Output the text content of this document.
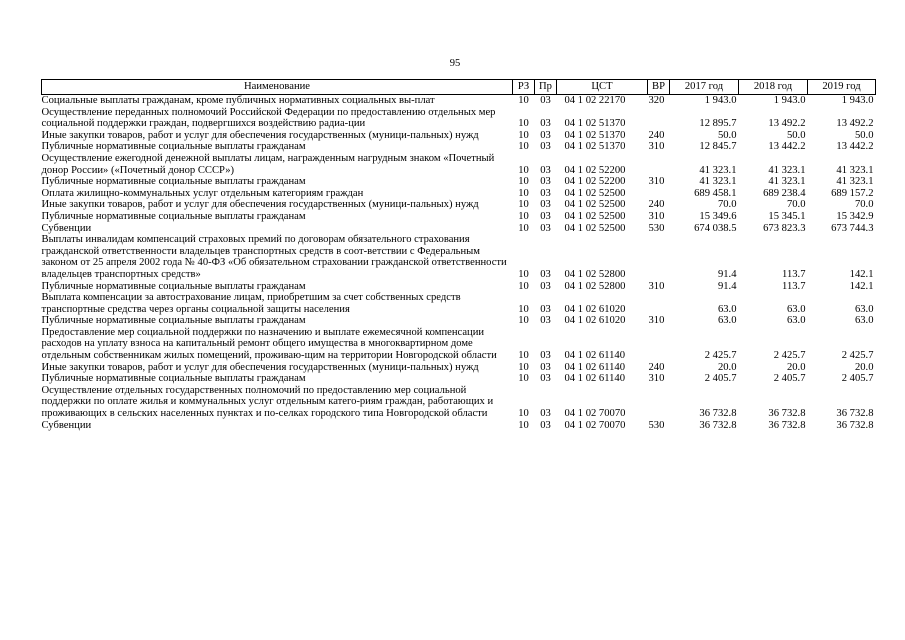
95
Наименование	РЗ	Пр	ЦСТ	ВР	2017 год	2018 год	2019 год
Социальные выплаты гражданам, кроме публичных нормативных социальных вы-плат	10	03	04 1 02 22170	320	1 943.0	1 943.0	1 943.0
Осуществление переданных полномочий Российской Федерации по предоставлению отдельных мер социальной поддержки граждан, подвергшихся воздействию радиа-ции	10	03	04 1 02 51370		12 895.7	13 492.2	13 492.2
Иные закупки товаров, работ и услуг для обеспечения государственных (муници-пальных) нужд	10	03	04 1 02 51370	240	50.0	50.0	50.0
Публичные нормативные социальные выплаты гражданам	10	03	04 1 02 51370	310	12 845.7	13 442.2	13 442.2
Осуществление ежегодной денежной выплаты лицам, награжденным нагрудным знаком «Почетный донор России» («Почетный донор СССР»)	10	03	04 1 02 52200		41 323.1	41 323.1	41 323.1
Публичные нормативные социальные выплаты гражданам	10	03	04 1 02 52200	310	41 323.1	41 323.1	41 323.1
Оплата жилищно-коммунальных услуг отдельным категориям граждан	10	03	04 1 02 52500		689 458.1	689 238.4	689 157.2
Иные закупки товаров, работ и услуг для обеспечения государственных (муници-пальных) нужд	10	03	04 1 02 52500	240	70.0	70.0	70.0
Публичные нормативные социальные выплаты гражданам	10	03	04 1 02 52500	310	15 349.6	15 345.1	15 342.9
Субвенции	10	03	04 1 02 52500	530	674 038.5	673 823.3	673 744.3
Выплаты инвалидам компенсаций страховых премий по договорам обязательного страхования гражданской ответственности владельцев транспортных средств в соот-ветствии с Федеральным законом от 25 апреля 2002 года № 40-ФЗ «Об обязательном страховании гражданской ответственности владельцев транспортных средств»	10	03	04 1 02 52800		91.4	113.7	142.1
Публичные нормативные социальные выплаты гражданам	10	03	04 1 02 52800	310	91.4	113.7	142.1
Выплата компенсации за автострахование лицам, приобретшим за счет собственных средств транспортные средства через органы социальной защиты населения	10	03	04 1 02 61020		63.0	63.0	63.0
Публичные нормативные социальные выплаты гражданам	10	03	04 1 02 61020	310	63.0	63.0	63.0
Предоставление мер социальной поддержки по назначению и выплате ежемесячной компенсации расходов на уплату взноса на капитальный ремонт общего имущества в многоквартирном доме отдельным собственникам жилых помещений, проживаю-щим на территории Новгородской области	10	03	04 1 02 61140		2 425.7	2 425.7	2 425.7
Иные закупки товаров, работ и услуг для обеспечения государственных (муници-пальных) нужд	10	03	04 1 02 61140	240	20.0	20.0	20.0
Публичные нормативные социальные выплаты гражданам	10	03	04 1 02 61140	310	2 405.7	2 405.7	2 405.7
Осуществление отдельных государственных полномочий по предоставлению мер социальной поддержки по оплате жилья и коммунальных услуг отдельным катего-риям граждан, работающих и проживающих в сельских населенных пунктах и по-селках городского типа Новгородской области	10	03	04 1 02 70070		36 732.8	36 732.8	36 732.8
Субвенции	10	03	04 1 02 70070	530	36 732.8	36 732.8	36 732.8
